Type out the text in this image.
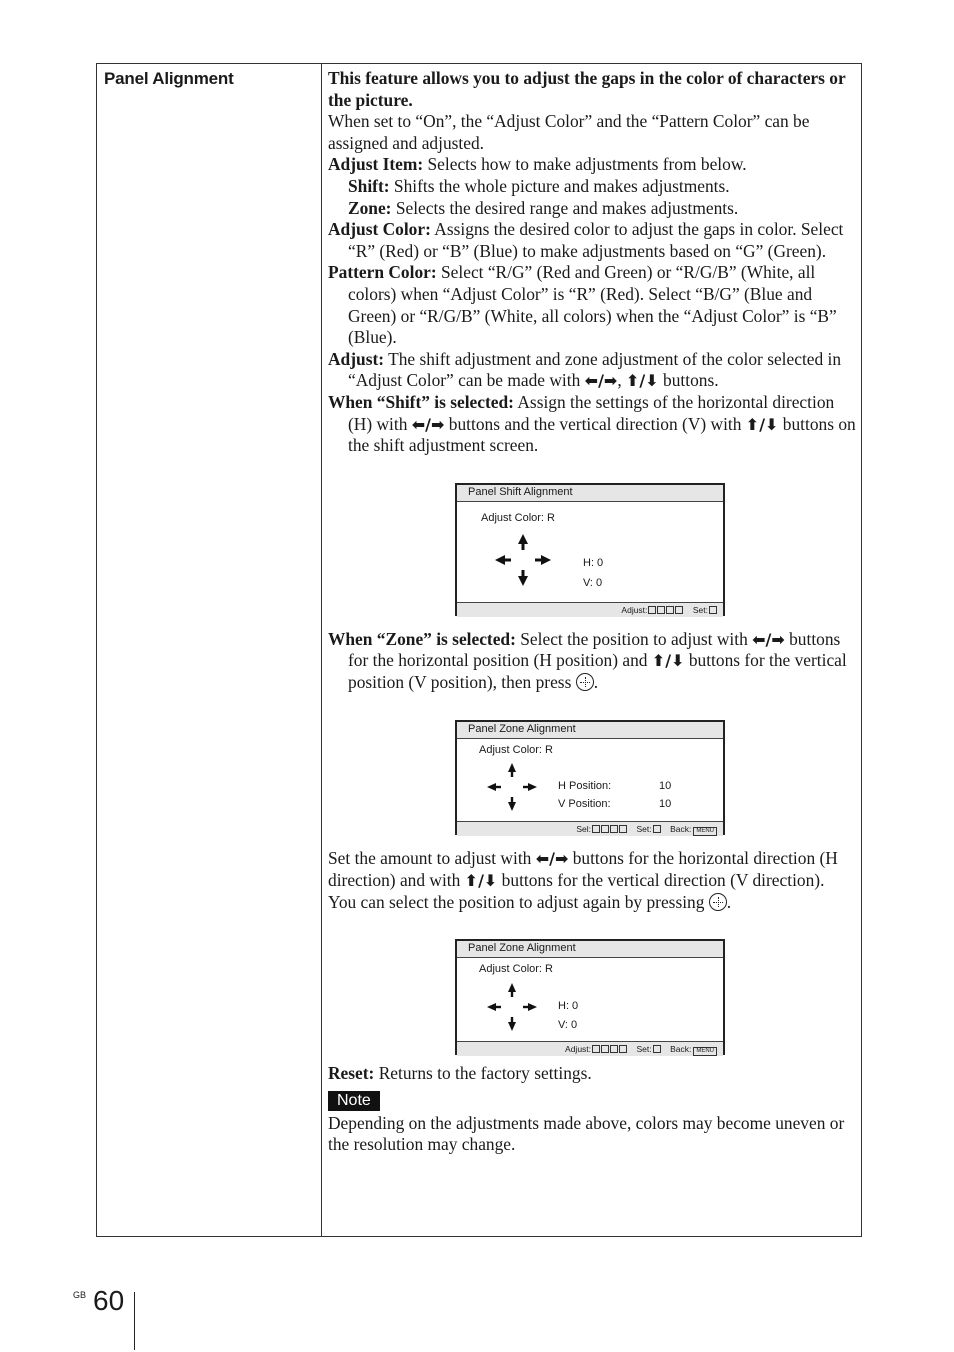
Panel Alignment	This feature allows you to adjust the gaps in the color of characters or the picture.

When set to “On”, the “Adjust Color” and the “Pattern Color” can be assigned and adjusted.

Adjust Item: Selects how to make adjustments from below.

Shift: Shifts the whole picture and makes adjustments.

Zone: Selects the desired range and makes adjustments.

Adjust Color: Assigns the desired color to adjust the gaps in color. Select “R” (Red) or “B” (Blue) to make adjustments based on “G” (Green).

Pattern Color: Select “R/G” (Red and Green) or “R/G/B” (White, all colors) when “Adjust Color” is “R” (Red). Select “B/G” (Blue and Green) or “R/G/B” (White, all colors) when the “Adjust Color” is “B” (Blue).

Adjust: The shift adjustment and zone adjustment of the color selected in “Adjust Color” can be made with ⬅/➡, ⬆/⬇ buttons.

When “Shift” is selected: Assign the settings of the horizontal direction (H) with ⬅/➡ buttons and the vertical direction (V) with ⬆/⬇ buttons on the shift adjustment screen.

Panel Shift Alignment
Adjust Color: R
H: 0
V: 0
Adjust:	Set:

When “Zone” is selected: Select the position to adjust with ⬅/➡ buttons for the horizontal position (H position) and ⬆/⬇ buttons for the vertical position (V position), then press .

Panel Zone Alignment
Adjust Color: R
H Position:	10
V Position:	10
Sel:	Set: Back: MENU

Set the amount to adjust with ⬅/➡ buttons for the horizontal direction (H direction) and with ⬆/⬇ buttons for the vertical direction (V direction). You can select the position to adjust again by pressing .

Panel Zone Alignment
Adjust Color: R
H: 0
V: 0
Adjust:	Set: Back: MENU

Reset: Returns to the factory settings.

Note

Depending on the adjustments made above, colors may become uneven or the resolution may change.

GB 60
